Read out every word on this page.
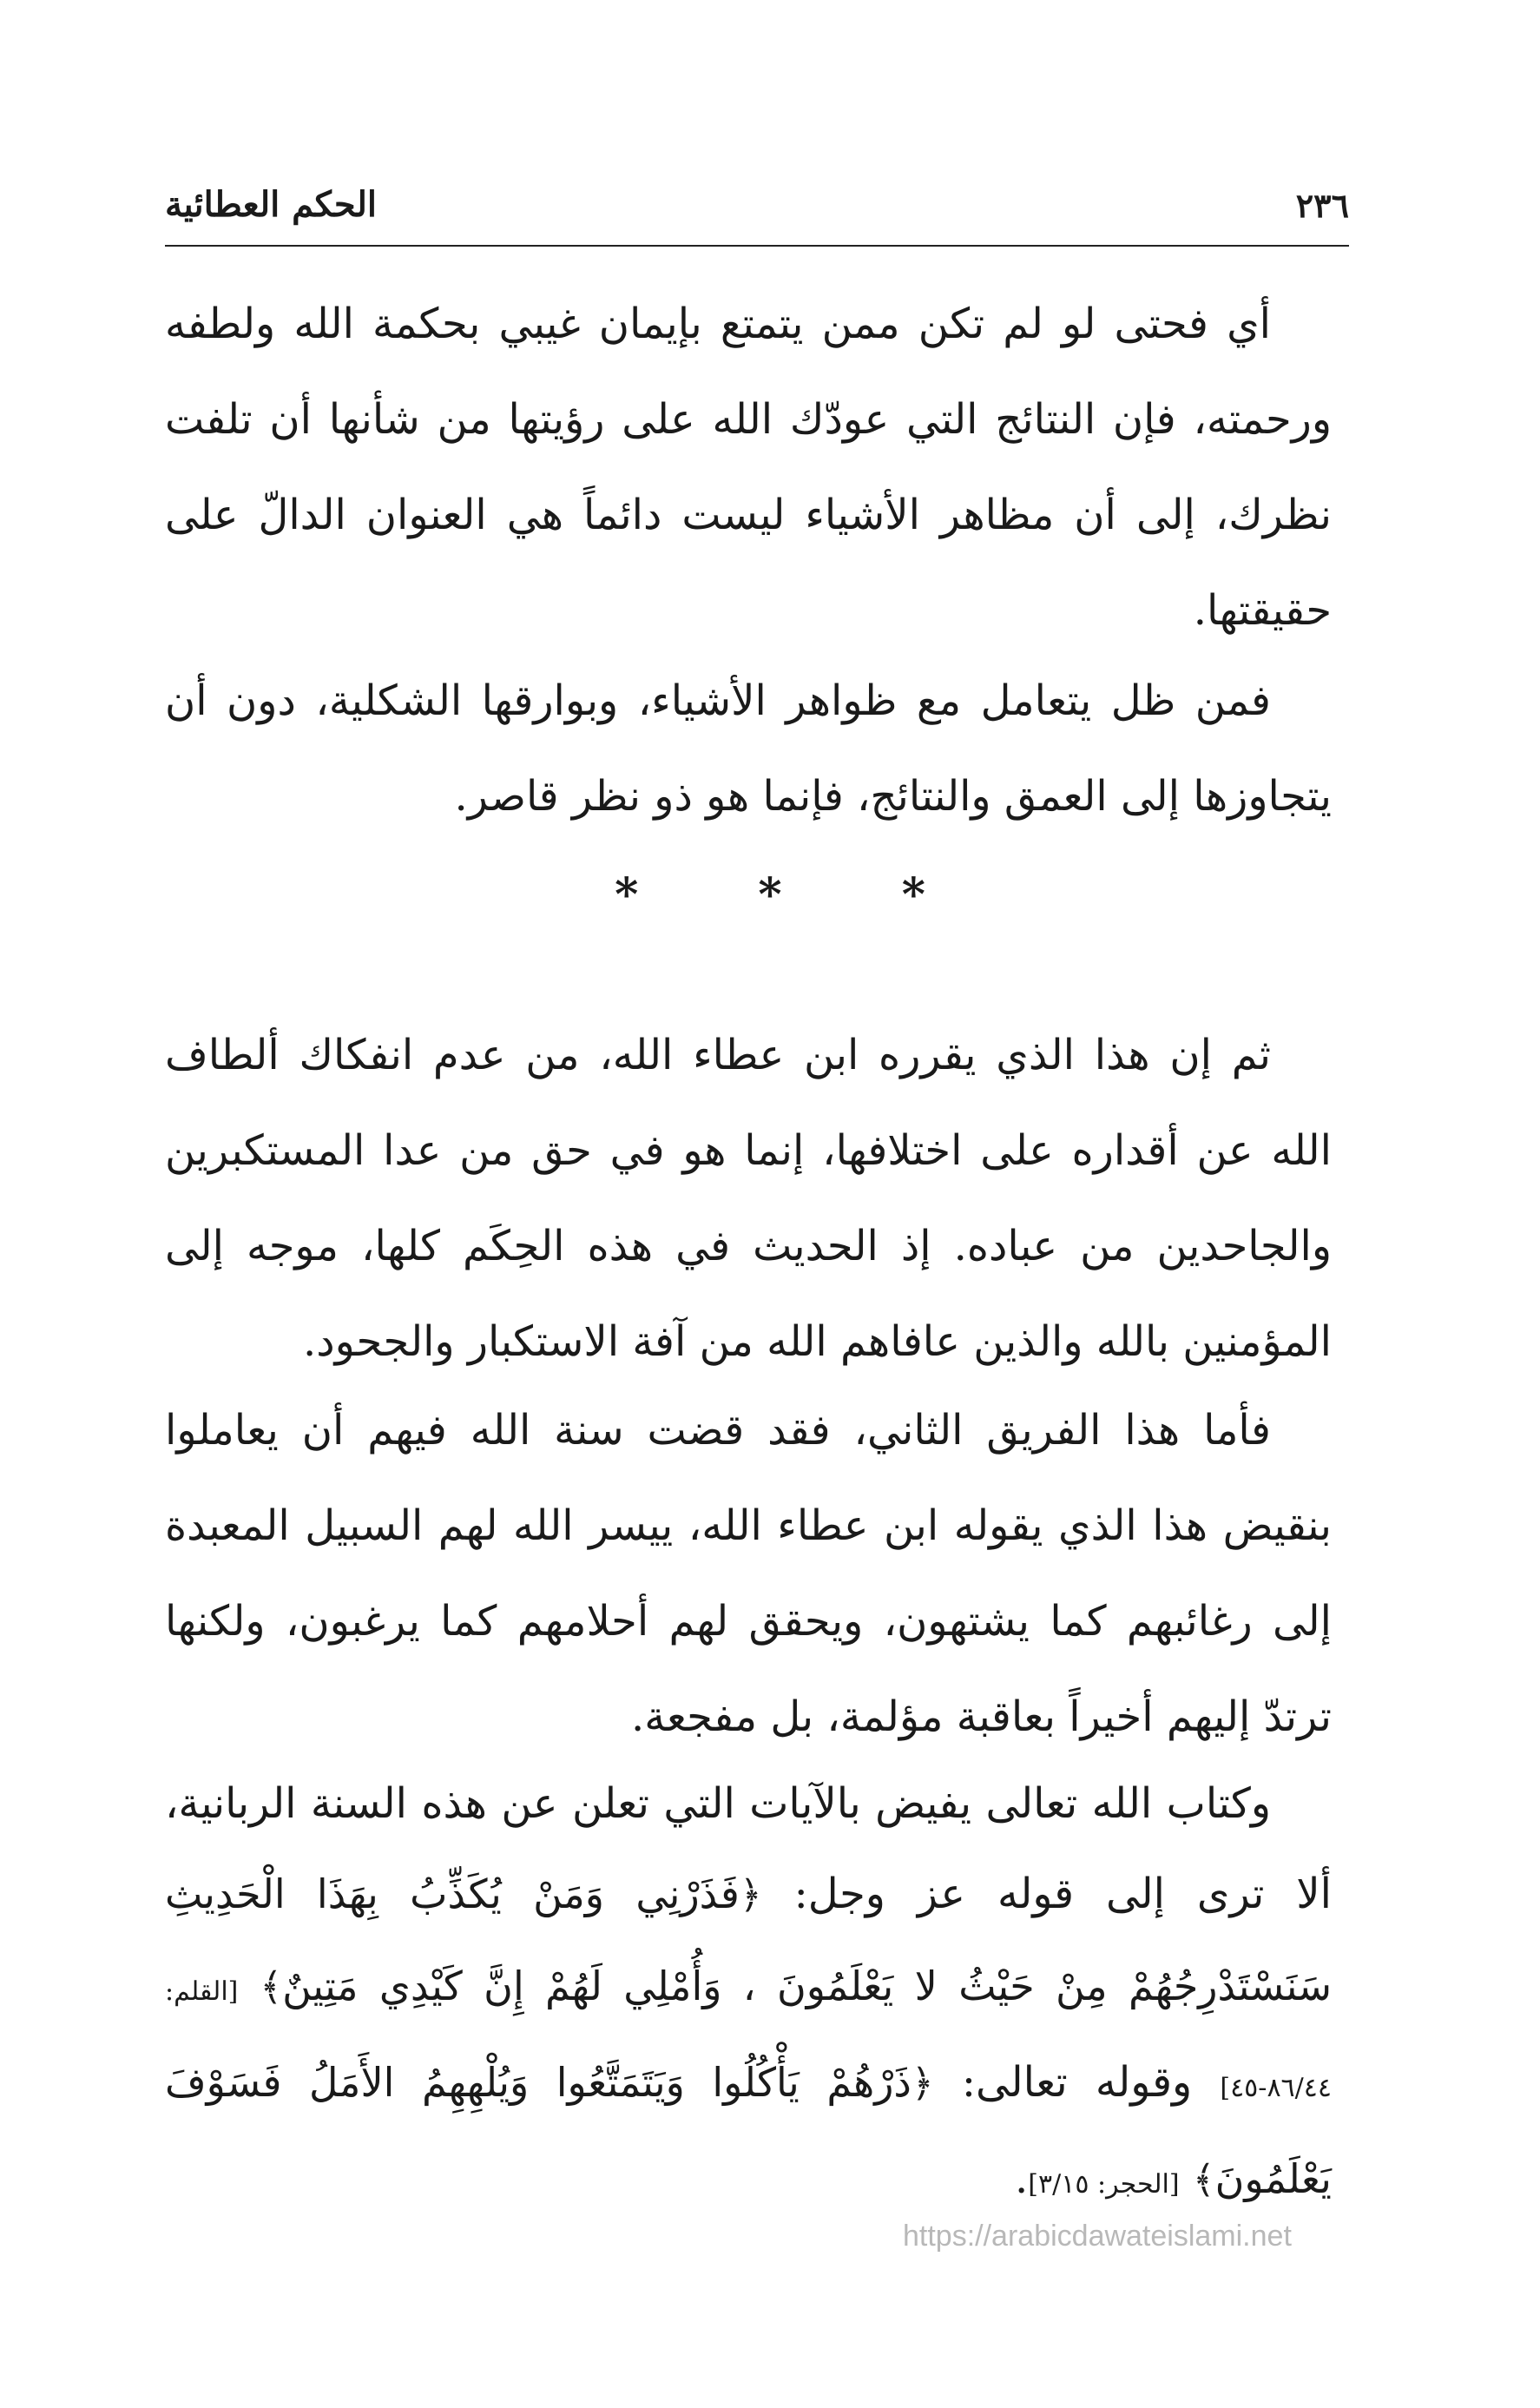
٢٣٦
الحكم العطائية

أي فحتى لو لم تكن ممن يتمتع بإيمان غيبي بحكمة الله ولطفه ورحمته، فإن النتائج التي عودّك الله على رؤيتها من شأنها أن تلفت نظرك، إلى أن مظاهر الأشياء ليست دائماً هي العنوان الدالّ على حقيقتها.

فمن ظل يتعامل مع ظواهر الأشياء، وبوارقها الشكلية، دون أن يتجاوزها إلى العمق والنتائج، فإنما هو ذو نظر قاصر.

*	*	*

ثم إن هذا الذي يقرره ابن عطاء الله، من عدم انفكاك ألطاف الله عن أقداره على اختلافها، إنما هو في حق من عدا المستكبرين والجاحدين من عباده. إذ الحديث في هذه الحِكَم كلها، موجه إلى المؤمنين بالله والذين عافاهم الله من آفة الاستكبار والجحود.

فأما هذا الفريق الثاني، فقد قضت سنة الله فيهم أن يعاملوا بنقيض هذا الذي يقوله ابن عطاء الله، ييسر الله لهم السبيل المعبدة إلى رغائبهم كما يشتهون، ويحقق لهم أحلامهم كما يرغبون، ولكنها ترتدّ إليهم أخيراً بعاقبة مؤلمة، بل مفجعة.

وكتاب الله تعالى يفيض بالآيات التي تعلن عن هذه السنة الربانية، ألا ترى إلى قوله عز وجل: ﴿فَذَرْنِي وَمَنْ يُكَذِّبُ بِهَذَا الْحَدِيثِ سَنَسْتَدْرِجُهُمْ مِنْ حَيْثُ لا يَعْلَمُونَ ، وَأُمْلِي لَهُمْ إِنَّ كَيْدِي مَتِينٌ﴾ [القلم: ٨٦/٤٤-٤٥] وقوله تعالى: ﴿ذَرْهُمْ يَأْكُلُوا وَيَتَمَتَّعُوا وَيُلْهِهِمُ الأَمَلُ فَسَوْفَ يَعْلَمُونَ﴾ [الحجر: ٣/١٥].

https://arabicdawateislami.net
